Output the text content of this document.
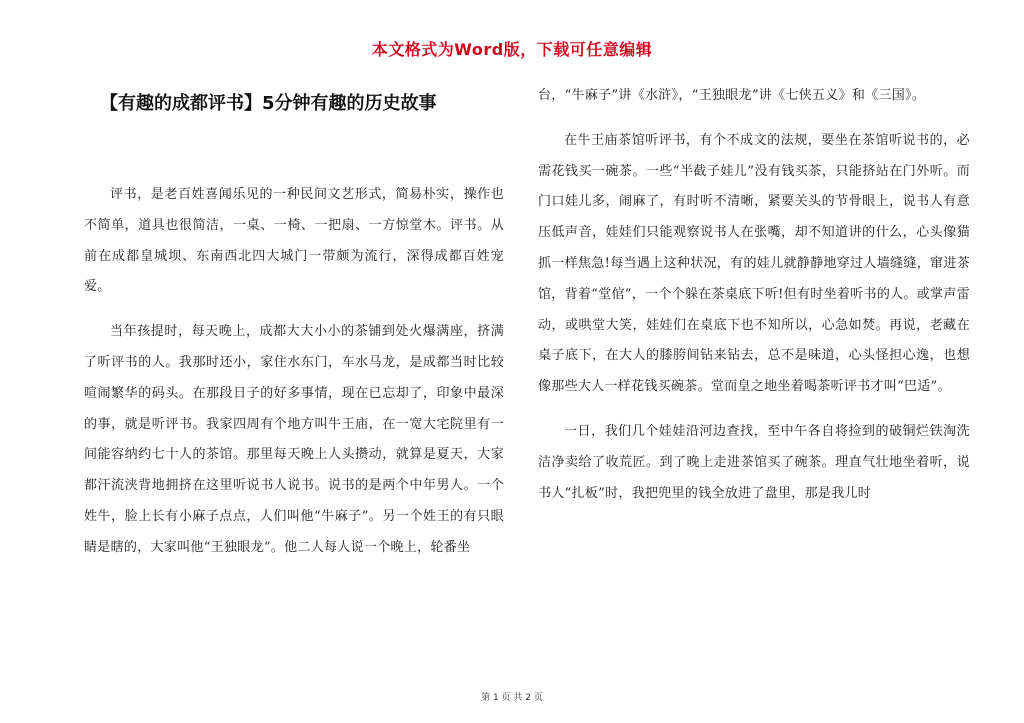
本文格式为Word版，下载可任意编辑
【有趣的成都评书】5分钟有趣的历史故事

评书，是老百姓喜闻乐见的一种民间文艺形式，简易朴实，操作也不简单，道具也很简洁，一桌、一椅、一把扇、一方惊堂木。评书。从前在成都皇城坝、东南西北四大城门一带颇为流行，深得成都百姓宠爱。

当年孩提时，每天晚上，成都大大小小的茶铺到处火爆满座，挤满了听评书的人。我那时还小，家住水东门，车水马龙，是成都当时比较喧闹繁华的码头。在那段日子的好多事情，现在已忘却了，印象中最深的事，就是听评书。我家四周有个地方叫牛王庙，在一宽大宅院里有一间能容纳约七十人的茶馆。那里每天晚上人头攒动，就算是夏天，大家都汗流浃背地拥挤在这里听说书人说书。说书的是两个中年男人。一个姓牛，脸上长有小麻子点点，人们叫他“牛麻子”。另一个姓王的有只眼睛是瞎的，大家叫他“王独眼龙”。他二人每人说一个晚上，轮番坐

台，“牛麻子”讲《水浒》，“王独眼龙”讲《七侠五义》和《三国》。

在牛王庙茶馆听评书，有个不成文的法规，要坐在茶馆听说书的，必需花钱买一碗茶。一些“半截子娃儿”没有钱买茶，只能挤站在门外听。而门口娃儿多，闹麻了，有时听不清晰，紧要关头的节骨眼上，说书人有意压低声音，娃娃们只能观察说书人在张嘴，却不知道讲的什么，心头像猫抓一样焦急!每当遇上这种状况，有的娃儿就静静地穿过人墙缝缝，窜进茶馆，背着“堂倌”，一个个躲在茶桌底下听!但有时坐着听书的人。或掌声雷动，或哄堂大笑，娃娃们在桌底下也不知所以，心急如焚。再说，老藏在桌子底下，在大人的膝胯间钻来钻去，总不是味道，心头怪担心逸，也想像那些大人一样花钱买碗茶。堂而皇之地坐着喝茶听评书才叫“巴适”。

一日，我们几个娃娃沿河边查找，至中午各自将捡到的破铜烂铁淘洗洁净卖给了收荒匠。到了晚上走进茶馆买了碗茶。理直气壮地坐着听，说书人“扎板”时，我把兜里的钱全放进了盘里，那是我儿时

第 1 页 共 2 页
